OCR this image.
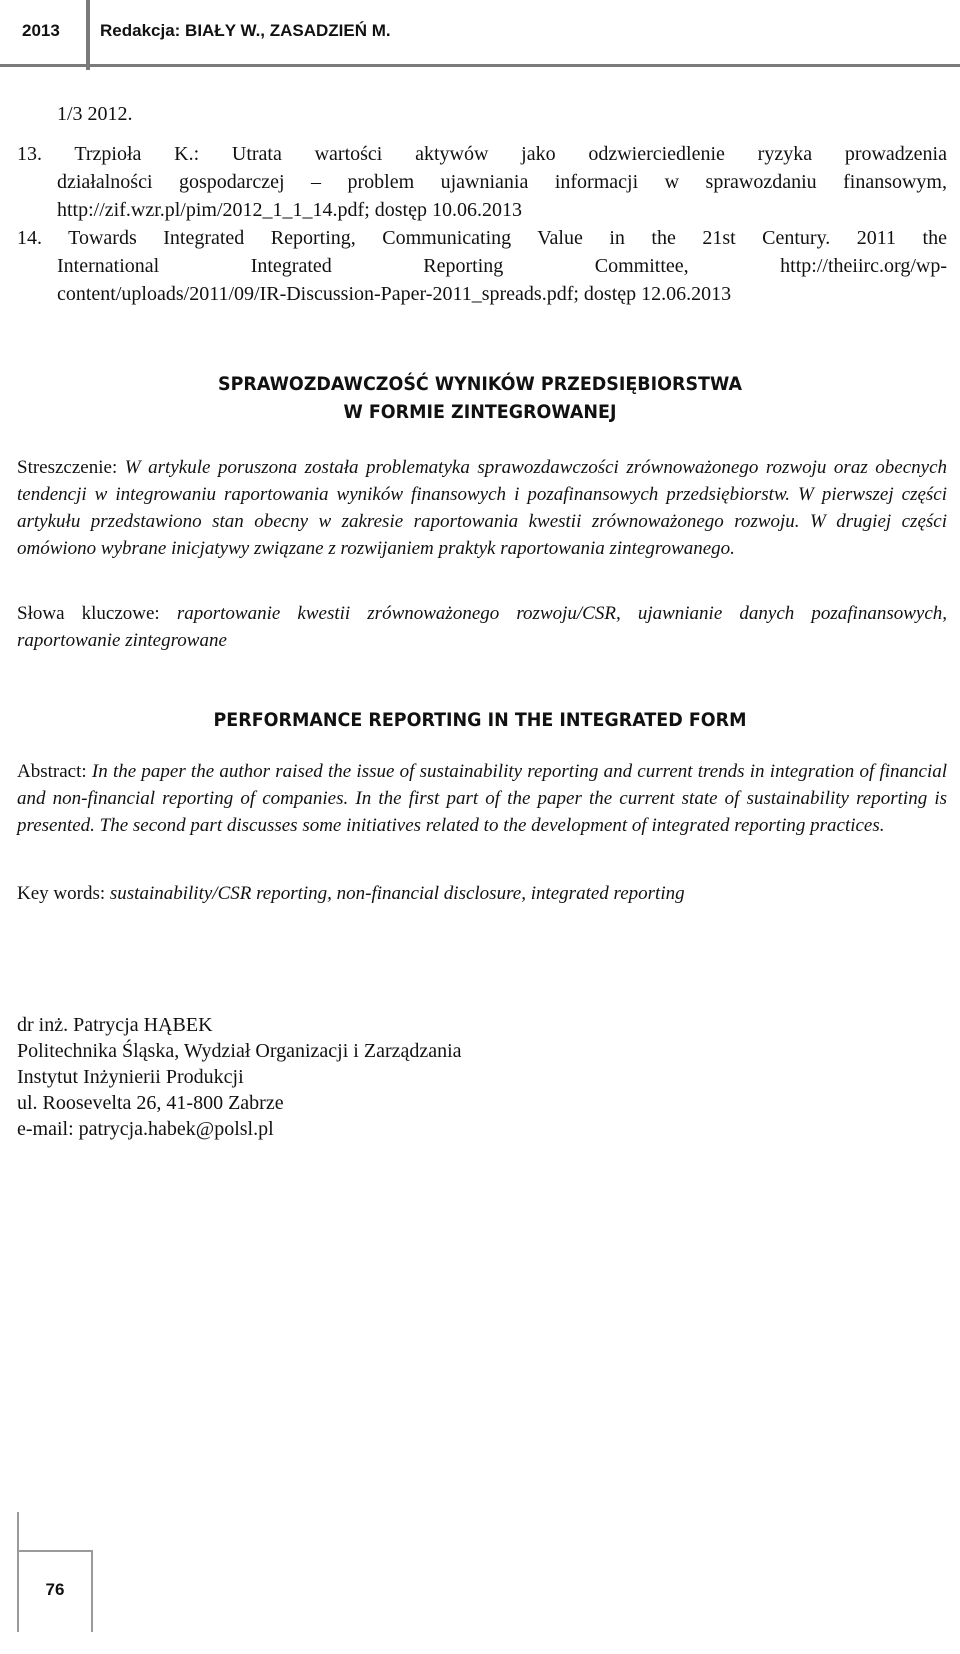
2013 Redakcja: BIAŁY W., ZASADZIEŃ M.

1/3 2012.

13. Trzpioła K.: Utrata wartości aktywów jako odzwierciedlenie ryzyka prowadzenia

działalności gospodarczej – problem ujawniania informacji w sprawozdaniu finansowym,

http://zif.wzr.pl/pim/2012_1_1_14.pdf; dostęp 10.06.2013

14. Towards Integrated Reporting, Communicating Value in the 21st Century. 2011 the

International Integrated Reporting Committee, http://theiirc.org/wp-

content/uploads/2011/09/IR-Discussion-Paper-2011_spreads.pdf; dostęp 12.06.2013

SPRAWOZDAWCZOŚĆ WYNIKÓW PRZEDSIĘBIORSTWA
W FORMIE ZINTEGROWANEJ
Streszczenie: W artykule poruszona została problematyka sprawozdawczości zrównoważonego rozwoju oraz obecnych tendencji w integrowaniu raportowania wyników finansowych i pozafinansowych przedsiębiorstw. W pierwszej części artykułu przedstawiono stan obecny w zakresie raportowania kwestii zrównoważonego rozwoju. W drugiej części omówiono wybrane inicjatywy związane z rozwijaniem praktyk raportowania zintegrowanego.
Słowa kluczowe: raportowanie kwestii zrównoważonego rozwoju/CSR, ujawnianie danych pozafinansowych, raportowanie zintegrowane
PERFORMANCE REPORTING IN THE INTEGRATED FORM
Abstract: In the paper the author raised the issue of sustainability reporting and current trends in integration of financial and non-financial reporting of companies. In the first part of the paper the current state of sustainability reporting is presented. The second part discusses some initiatives related to the development of integrated reporting practices.
Key words: sustainability/CSR reporting, non-financial disclosure, integrated reporting
dr inż. Patrycja HĄBEK
Politechnika Śląska, Wydział Organizacji i Zarządzania
Instytut Inżynierii Produkcji
ul. Roosevelta 26, 41-800 Zabrze
e-mail: patrycja.habek@polsl.pl
76
